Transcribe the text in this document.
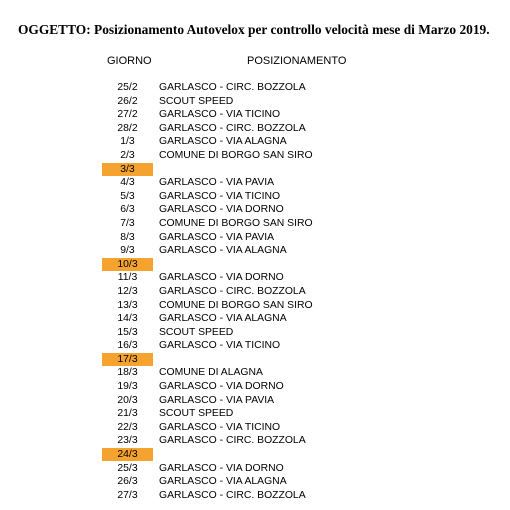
OGGETTO: Posizionamento Autovelox per controllo velocità mese di Marzo 2019.
GIORNO	POSIZIONAMENTO
25/2	GARLASCO - CIRC. BOZZOLA
26/2	SCOUT SPEED
27/2	GARLASCO - VIA TICINO
28/2	GARLASCO - CIRC. BOZZOLA
1/3	GARLASCO - VIA ALAGNA
2/3	COMUNE DI BORGO SAN SIRO
3/3
4/3	GARLASCO - VIA PAVIA
5/3	GARLASCO - VIA TICINO
6/3	GARLASCO - VIA DORNO
7/3	COMUNE DI BORGO SAN SIRO
8/3	GARLASCO - VIA PAVIA
9/3	GARLASCO - VIA ALAGNA
10/3
11/3	GARLASCO - VIA DORNO
12/3	GARLASCO - CIRC. BOZZOLA
13/3	COMUNE DI BORGO SAN SIRO
14/3	GARLASCO - VIA ALAGNA
15/3	SCOUT SPEED
16/3	GARLASCO - VIA TICINO
17/3
18/3	COMUNE DI ALAGNA
19/3	GARLASCO - VIA DORNO
20/3	GARLASCO - VIA PAVIA
21/3	SCOUT SPEED
22/3	GARLASCO - VIA TICINO
23/3	GARLASCO - CIRC. BOZZOLA
24/3
25/3	GARLASCO - VIA DORNO
26/3	GARLASCO - VIA ALAGNA
27/3	GARLASCO - CIRC. BOZZOLA
